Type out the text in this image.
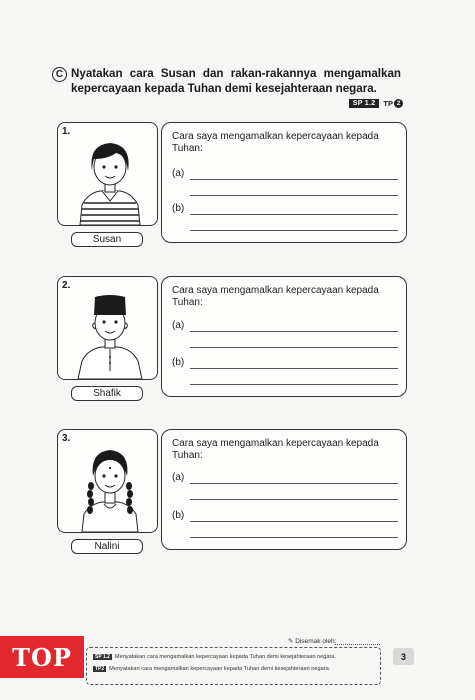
C Nyatakan cara Susan dan rakan-rakannya mengamalkan kepercayaan kepada Tuhan demi kesejahteraan negara.
SP 1.2	TP 2
1.
Susan
Cara saya mengamalkan kepercayaan kepada Tuhan:
(a)
(b)
2.
Shafik
Cara saya mengamalkan kepercayaan kepada Tuhan:
(a)
(b)
3.
Nalini
Cara saya mengamalkan kepercayaan kepada Tuhan:
(a)
(b)
✎ Disemak oleh:
SP 1.2 Menyatakan cara mengamalkan kepercayaan kepada Tuhan demi kesejahteraan negara.
TP2 Menyatakan cara mengamalkan kepercayaan kepada Tuhan demi kesejahteraan negara.
3
TOP
